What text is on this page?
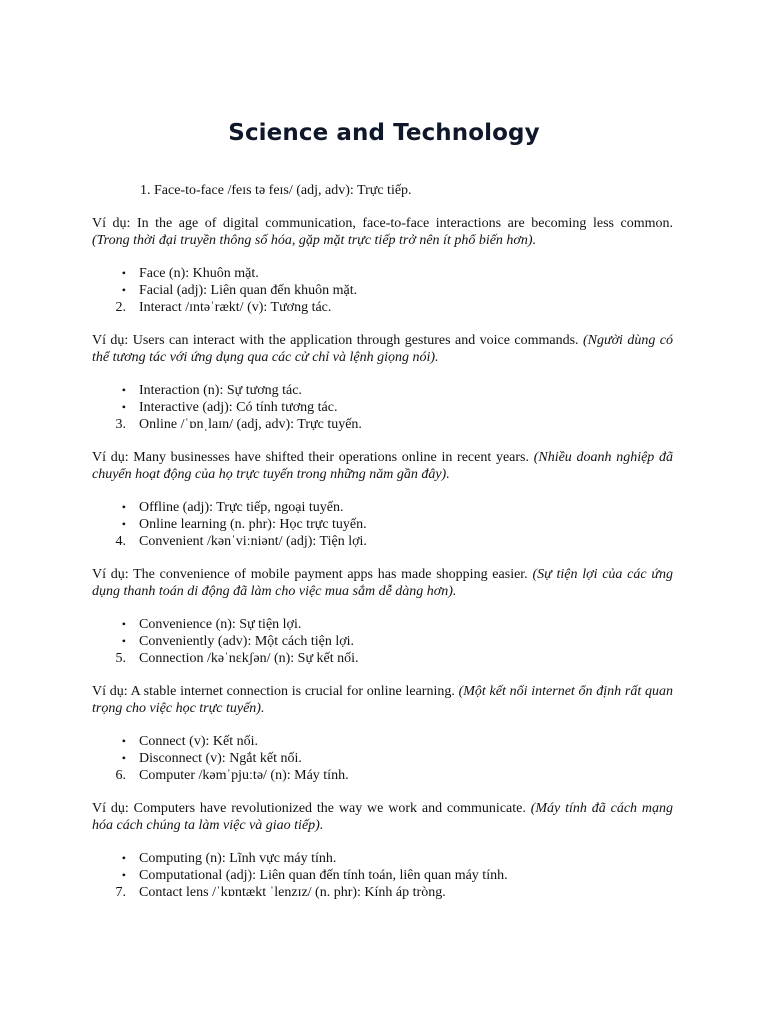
Science and Technology

1. Face-to-face /feɪs tə feɪs/ (adj, adv): Trực tiếp.

Ví dụ: In the age of digital communication, face-to-face interactions are becoming less common. (Trong thời đại truyền thông số hóa, gặp mặt trực tiếp trở nên ít phổ biến hơn).

• Face (n): Khuôn mặt.
• Facial (adj): Liên quan đến khuôn mặt.
2. Interact /ɪntəˈrækt/ (v): Tương tác.

Ví dụ: Users can interact with the application through gestures and voice commands. (Người dùng có thể tương tác với ứng dụng qua các cử chỉ và lệnh giọng nói).

• Interaction (n): Sự tương tác.
• Interactive (adj): Có tính tương tác.
3. Online /ˈɒnˌlaɪn/ (adj, adv): Trực tuyến.

Ví dụ: Many businesses have shifted their operations online in recent years. (Nhiều doanh nghiệp đã chuyển hoạt động của họ trực tuyến trong những năm gần đây).

• Offline (adj): Trực tiếp, ngoại tuyến.
• Online learning (n. phr): Học trực tuyến.
4. Convenient /kənˈviːniənt/ (adj): Tiện lợi.

Ví dụ: The convenience of mobile payment apps has made shopping easier. (Sự tiện lợi của các ứng dụng thanh toán di động đã làm cho việc mua sắm dễ dàng hơn).

• Convenience (n): Sự tiện lợi.
• Conveniently (adv): Một cách tiện lợi.
5. Connection /kəˈnɛkʃən/ (n): Sự kết nối.

Ví dụ: A stable internet connection is crucial for online learning. (Một kết nối internet ổn định rất quan trọng cho việc học trực tuyến).

• Connect (v): Kết nối.
• Disconnect (v): Ngắt kết nối.
6. Computer /kəmˈpjuːtə/ (n): Máy tính.

Ví dụ: Computers have revolutionized the way we work and communicate. (Máy tính đã cách mạng hóa cách chúng ta làm việc và giao tiếp).

• Computing (n): Lĩnh vực máy tính.
• Computational (adj): Liên quan đến tính toán, liên quan máy tính.
7. Contact lens /ˈkɒntækt ˈlenzɪz/ (n. phr): Kính áp tròng.
